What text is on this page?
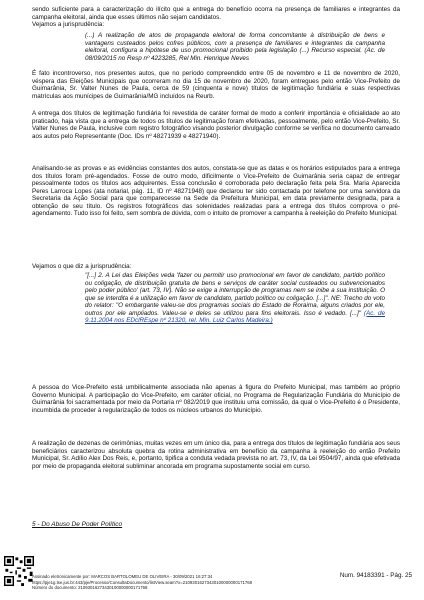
sendo suficiente para a caracterização do ilícito que a entrega do benefício ocorra na presença de familiares e integrantes da campanha eleitoral, ainda que esses últimos não sejam candidatos.
Vejamos a jurisprudência:
(...) A realização de atos de propaganda eleitoral de forma concomitante à distribuição de bens e vantagens custeados pelos cofres públicos, com a presença de familiares e integrantes da campanha eleitoral, configura a hipótese de uso promocional proibido pela legislação (...) Recurso especial. (Ac. de 08/09/2015 no Resp nº 4223285, Rel Min. Henrique Neves
É fato incontroverso, nos presentes autos, que no período compreendido entre 05 de novembro e 11 de novembro de 2020, véspera das Eleições Municipais que ocorreram no dia 15 de novembro de 2020, foram entregues pelo então Vice-Prefeito de Guimarânia, Sr. Valter Nunes de Paula, cerca de 59 (cinquenta e nove) títulos de legitimação fundiária e suas respectivas matrículas aos munícipes de Guimarânia/MG incluídos na Reurb.
A entrega dos títulos de legitimação fundiária foi revestida de caráter formal de modo a conferir importância e oficialidade ao ato praticado, haja vista que a entrega de todos os títulos de legitimação foram efetivadas, pessoalmente, pelo então Vice-Prefeito, Sr. Valter Nunes de Paula, inclusive com registro fotográfico visando posterior divulgação conforme se verifica no documento carreado aos autos pelo Representante (Doc. IDs nº 48271939 e 48271940).
Analisando-se as provas e as evidências constantes dos autos, constata-se que as datas e os horários estipulados para a entrega dos títulos foram pré-agendados. Fosse de outro modo, dificilmente o Vice-Prefeito de Guimarânia seria capaz de entregar pessoalmente todos os títulos aos adquirentes. Essa conclusão é corroborada pelo declaração feita pela Sra. Maria Aparecida Peres Larroca Lopes (ata notarial, pág. 11, ID nº 48271948) que declarou ter sido contactada por telefone por uma servidora da Secretaria da Ação Social para que comparecesse na Sede da Prefeitura Municipal, em data previamente designada, para a obtenção de seu título. Os registros fotográficos das solenidades realizadas para a entrega dos títulos comprova o pré-agendamento. Tudo isso foi feito, sem sombra de dúvida, com o intuito de promover a campanha à reeleição do Prefeito Municipal.
Vejamos o que diz a jurisprudência:
"[...] 2. A Lei das Eleições veda 'fazer ou permitir uso promocional em favor de candidato, partido político ou coligação, de distribuição gratuita de bens e serviços de caráter social custeados ou subvencionados pelo poder público' (art. 73, IV). Não se exige a interrupção de programas nem se inibe a sua instituição. O que se interdita é a utilização em favor de candidato, partido político ou coligação. [...]". NE: Trecho do voto do relator: "O embargante valeu-se dos programas sociais do Estado de Roraima, alguns criados por ele, outros por ele ampliados. Valeu-se e deles se utilizou para fins eleitorais. Isso é vedado. [...]" (Ac. de 9.11.2004 nos EDclREspe nº 21320, rel. Min. Luiz Carlos Madeira.)
A pessoa do Vice-Prefeito está umbilicalmente associada não apenas à figura do Prefeito Municipal, mas também ao próprio Governo Municipal. A participação do Vice-Prefeito, em caráter oficial, no Programa de Regularização Fundiária do Município de Guimarânia foi sacramentada por meio da Portaria nº 082/2019 que instituiu uma comissão, da qual o Vice-Prefeito é o Presidente, incumbida de proceder à regularização de todos os núcleos urbanos do Município.
A realização de dezenas de cerimônias, muitas vezes em um único dia, para a entrega dos títulos de legitimação fundiária aos seus beneficiários caracterizou absoluta quebra da rotina administrativa em benefício da campanha à reeleição do então Prefeito Municipal, Sr. Adílio Alex Dos Reis, e, portanto, tipifica a conduta vedada prevista no art. 73, IV, da Lei 9504/97, ainda que efetivada por meio de propaganda eleitoral subliminar ancorada em programa supostamente social em curso.
5 - Do Abuso De Poder Político
Assinado eletronicamente por: MARCOS BARTOLOMEU DE OLIVEIRA - 30/09/2021 16:27:34
https://pje1g.tse.jus.br:443/pje/Processo/ConsultaDocumento/listView.seam?x=21093016273430100000000171768
Número do documento: 21093016273430100000000171768
Num. 94183391 - Pág. 25
